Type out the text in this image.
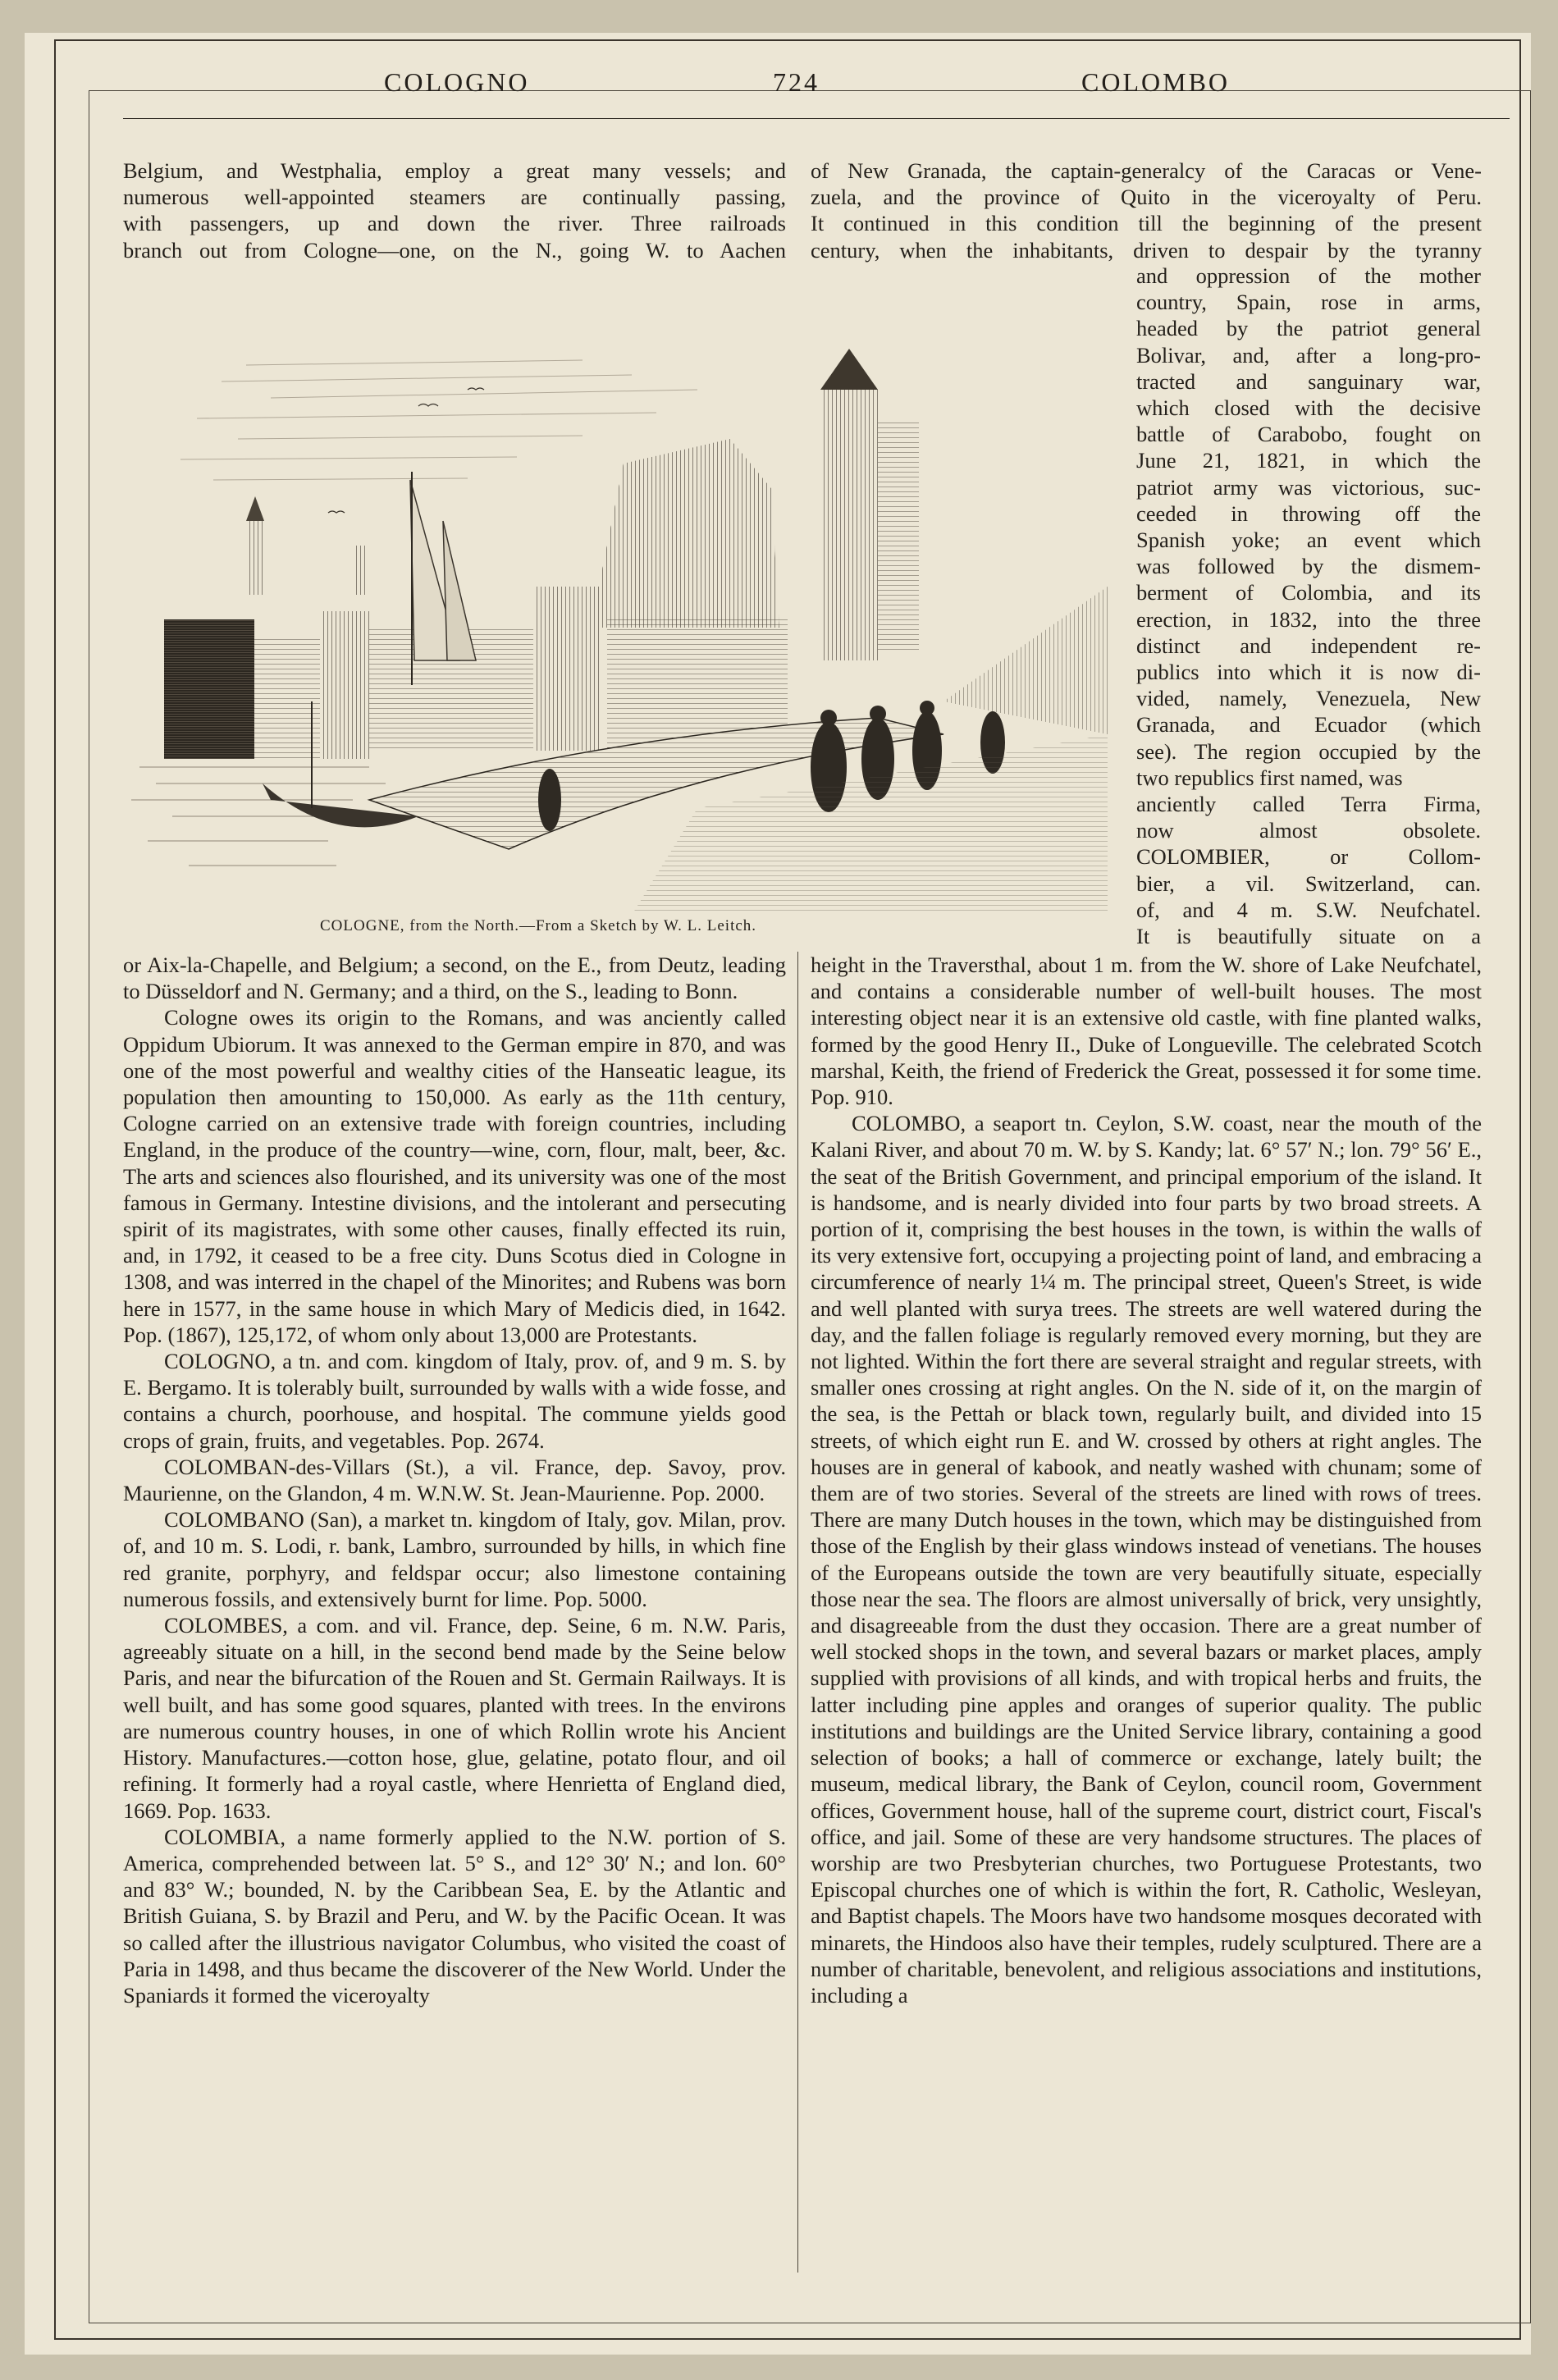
COLOGNO	724	COLOMBO
Belgium, and Westphalia, employ a great many vessels; and
numerous well-appointed steamers are continually passing,
with passengers, up and down the river. Three railroads
branch out from Cologne—one, on the N., going W. to Aachen
of New Granada, the captain-generalcy of the Caracas or Vene-
zuela, and the province of Quito in the viceroyalty of Peru.
It continued in this condition till the beginning of the present
century, when the inhabitants, driven to despair by the tyranny
and oppression of the mother
country, Spain, rose in arms,
headed by the patriot general
Bolivar, and, after a long-pro-
tracted and sanguinary war,
which closed with the decisive
battle of Carabobo, fought on
June 21, 1821, in which the
patriot army was victorious, suc-
ceeded in throwing off the
Spanish yoke; an event which
was followed by the dismem-
berment of Colombia, and its
erection, in 1832, into the three
distinct and independent re-
publics into which it is now di-
vided, namely, Venezuela, New
Granada, and Ecuador (which
see). The region occupied by the
two republics first named, was
anciently called Terra Firma,
now almost obsolete.
COLOMBIER, or Collom-
bier, a vil. Switzerland, can.
of, and 4 m. S.W. Neufchatel.
It is beautifully situate on a
COLOGNE, from the North.—From a Sketch by W. L. Leitch.

or Aix-la-Chapelle, and Belgium; a second, on the E., from Deutz, leading to Düsseldorf and N. Germany; and a third, on the S., leading to Bonn.

Cologne owes its origin to the Romans, and was anciently called Oppidum Ubiorum. It was annexed to the German empire in 870, and was one of the most powerful and wealthy cities of the Hanseatic league, its population then amounting to 150,000. As early as the 11th century, Cologne carried on an extensive trade with foreign countries, including England, in the produce of the country—wine, corn, flour, malt, beer, &c. The arts and sciences also flourished, and its university was one of the most famous in Germany. Intestine divisions, and the intolerant and persecuting spirit of its magistrates, with some other causes, finally effected its ruin, and, in 1792, it ceased to be a free city. Duns Scotus died in Cologne in 1308, and was interred in the chapel of the Minorites; and Rubens was born here in 1577, in the same house in which Mary of Medicis died, in 1642. Pop. (1867), 125,172, of whom only about 13,000 are Protestants.

COLOGNO, a tn. and com. kingdom of Italy, prov. of, and 9 m. S. by E. Bergamo. It is tolerably built, surrounded by walls with a wide fosse, and contains a church, poorhouse, and hospital. The commune yields good crops of grain, fruits, and vegetables. Pop. 2674.

COLOMBAN-des-Villars (St.), a vil. France, dep. Savoy, prov. Maurienne, on the Glandon, 4 m. W.N.W. St. Jean-Maurienne. Pop. 2000.

COLOMBANO (San), a market tn. kingdom of Italy, gov. Milan, prov. of, and 10 m. S. Lodi, r. bank, Lambro, surrounded by hills, in which fine red granite, porphyry, and feldspar occur; also limestone containing numerous fossils, and extensively burnt for lime. Pop. 5000.

COLOMBES, a com. and vil. France, dep. Seine, 6 m. N.W. Paris, agreeably situate on a hill, in the second bend made by the Seine below Paris, and near the bifurcation of the Rouen and St. Germain Railways. It is well built, and has some good squares, planted with trees. In the environs are numerous country houses, in one of which Rollin wrote his Ancient History. Manufactures.—cotton hose, glue, gelatine, potato flour, and oil refining. It formerly had a royal castle, where Henrietta of England died, 1669. Pop. 1633.

COLOMBIA, a name formerly applied to the N.W. portion of S. America, comprehended between lat. 5° S., and 12° 30′ N.; and lon. 60° and 83° W.; bounded, N. by the Caribbean Sea, E. by the Atlantic and British Guiana, S. by Brazil and Peru, and W. by the Pacific Ocean. It was so called after the illustrious navigator Columbus, who visited the coast of Paria in 1498, and thus became the discoverer of the New World. Under the Spaniards it formed the viceroyalty

height in the Traversthal, about 1 m. from the W. shore of Lake Neufchatel, and contains a considerable number of well-built houses. The most interesting object near it is an extensive old castle, with fine planted walks, formed by the good Henry II., Duke of Longueville. The celebrated Scotch marshal, Keith, the friend of Frederick the Great, possessed it for some time. Pop. 910.

COLOMBO, a seaport tn. Ceylon, S.W. coast, near the mouth of the Kalani River, and about 70 m. W. by S. Kandy; lat. 6° 57′ N.; lon. 79° 56′ E., the seat of the British Government, and principal emporium of the island. It is handsome, and is nearly divided into four parts by two broad streets. A portion of it, comprising the best houses in the town, is within the walls of its very extensive fort, occupying a projecting point of land, and embracing a circumference of nearly 1¼ m. The principal street, Queen's Street, is wide and well planted with surya trees. The streets are well watered during the day, and the fallen foliage is regularly removed every morning, but they are not lighted. Within the fort there are several straight and regular streets, with smaller ones crossing at right angles. On the N. side of it, on the margin of the sea, is the Pettah or black town, regularly built, and divided into 15 streets, of which eight run E. and W. crossed by others at right angles. The houses are in general of kabook, and neatly washed with chunam; some of them are of two stories. Several of the streets are lined with rows of trees. There are many Dutch houses in the town, which may be distinguished from those of the English by their glass windows instead of venetians. The houses of the Europeans outside the town are very beautifully situate, especially those near the sea. The floors are almost universally of brick, very unsightly, and disagreeable from the dust they occasion. There are a great number of well stocked shops in the town, and several bazars or market places, amply supplied with provisions of all kinds, and with tropical herbs and fruits, the latter including pine apples and oranges of superior quality. The public institutions and buildings are the United Service library, containing a good selection of books; a hall of commerce or exchange, lately built; the museum, medical library, the Bank of Ceylon, council room, Government offices, Government house, hall of the supreme court, district court, Fiscal's office, and jail. Some of these are very handsome structures. The places of worship are two Presbyterian churches, two Portuguese Protestants, two Episcopal churches one of which is within the fort, R. Catholic, Wesleyan, and Baptist chapels. The Moors have two handsome mosques decorated with minarets, the Hindoos also have their temples, rudely sculptured. There are a number of charitable, benevolent, and religious associations and institutions, including a
